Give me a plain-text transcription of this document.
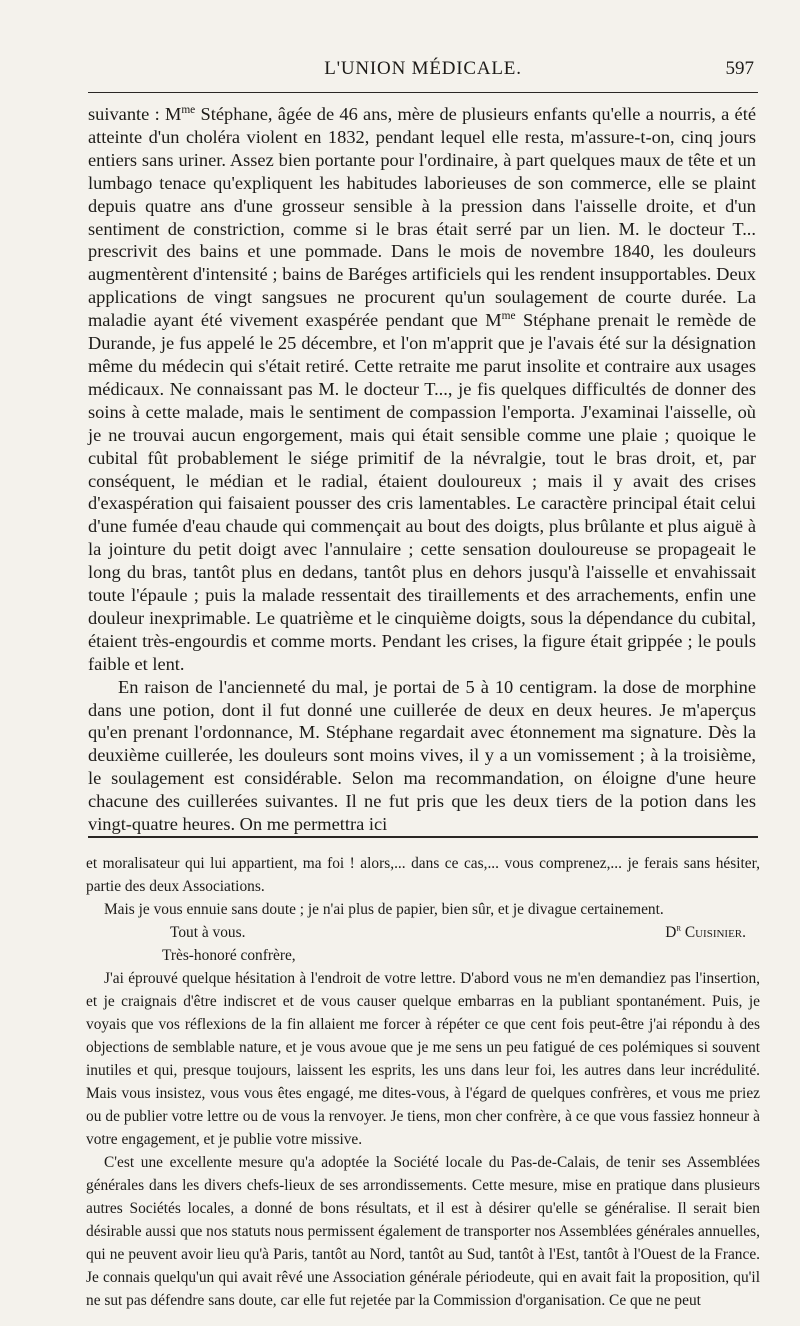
L'UNION MÉDICALE.	597

suivante : $M^{me}$ Stéphane, âgée de 46 ans, mère de plusieurs enfants qu'elle a nourris, a été atteinte d'un choléra violent en 1832, pendant lequel elle resta, m'assure-t-on, cinq jours entiers sans uriner. Assez bien portante pour l'ordinaire, à part quelques maux de tête et un lumbago tenace qu'expliquent les habitudes laborieuses de son commerce, elle se plaint depuis quatre ans d'une grosseur sensible à la pression dans l'aisselle droite, et d'un sentiment de constriction, comme si le bras était serré par un lien. M. le docteur T... prescrivit des bains et une pommade. Dans le mois de novembre 1840, les douleurs augmentèrent d'intensité ; bains de Baréges artificiels qui les rendent insupportables. Deux applications de vingt sangsues ne procurent qu'un soulagement de courte durée. La maladie ayant été vivement exaspérée pendant que $M^{me}$ Stéphane prenait le remède de Durande, je fus appelé le 25 décembre, et l'on m'apprit que je l'avais été sur la désignation même du médecin qui s'était retiré. Cette retraite me parut insolite et contraire aux usages médicaux. Ne connaissant pas M. le docteur T..., je fis quelques difficultés de donner des soins à cette malade, mais le sentiment de compassion l'emporta. J'examinai l'aisselle, où je ne trouvai aucun engorgement, mais qui était sensible comme une plaie ; quoique le cubital fût probablement le siége primitif de la névralgie, tout le bras droit, et, par conséquent, le médian et le radial, étaient douloureux ; mais il y avait des crises d'exaspération qui faisaient pousser des cris lamentables. Le caractère principal était celui d'une fumée d'eau chaude qui commençait au bout des doigts, plus brûlante et plus aiguë à la jointure du petit doigt avec l'annulaire ; cette sensation douloureuse se propageait le long du bras, tantôt plus en dedans, tantôt plus en dehors jusqu'à l'aisselle et envahissait toute l'épaule ; puis la malade ressentait des tiraillements et des arrachements, enfin une douleur inexprimable. Le quatrième et le cinquième doigts, sous la dépendance du cubital, étaient très-engourdis et comme morts. Pendant les crises, la figure était grippée ; le pouls faible et lent.

En raison de l'ancienneté du mal, je portai de 5 à 10 centigram. la dose de morphine dans une potion, dont il fut donné une cuillerée de deux en deux heures. Je m'aperçus qu'en prenant l'ordonnance, M. Stéphane regardait avec étonnement ma signature. Dès la deuxième cuillerée, les douleurs sont moins vives, il y a un vomissement ; à la troisième, le soulagement est considérable. Selon ma recommandation, on éloigne d'une heure chacune des cuillerées suivantes. Il ne fut pris que les deux tiers de la potion dans les vingt-quatre heures. On me permettra ici

et moralisateur qui lui appartient, ma foi ! alors,... dans ce cas,... vous comprenez,... je ferais sans hésiter, partie des deux Associations.

Mais je vous ennuie sans doute ; je n'ai plus de papier, bien sûr, et je divague certainement.

Tout à vous.	$D^r$ Cuisinier.

Très-honoré confrère,

J'ai éprouvé quelque hésitation à l'endroit de votre lettre. D'abord vous ne m'en demandiez pas l'insertion, et je craignais d'être indiscret et de vous causer quelque embarras en la publiant spontanément. Puis, je voyais que vos réflexions de la fin allaient me forcer à répéter ce que cent fois peut-être j'ai répondu à des objections de semblable nature, et je vous avoue que je me sens un peu fatigué de ces polémiques si souvent inutiles et qui, presque toujours, laissent les esprits, les uns dans leur foi, les autres dans leur incrédulité. Mais vous insistez, vous vous êtes engagé, me dites-vous, à l'égard de quelques confrères, et vous me priez ou de publier votre lettre ou de vous la renvoyer. Je tiens, mon cher confrère, à ce que vous fassiez honneur à votre engagement, et je publie votre missive.

C'est une excellente mesure qu'a adoptée la Société locale du Pas-de-Calais, de tenir ses Assemblées générales dans les divers chefs-lieux de ses arrondissements. Cette mesure, mise en pratique dans plusieurs autres Sociétés locales, a donné de bons résultats, et il est à désirer qu'elle se généralise. Il serait bien désirable aussi que nos statuts nous permissent également de transporter nos Assemblées générales annuelles, qui ne peuvent avoir lieu qu'à Paris, tantôt au Nord, tantôt au Sud, tantôt à l'Est, tantôt à l'Ouest de la France. Je connais quelqu'un qui avait rêvé une Association générale périodeute, qui en avait fait la proposition, qu'il ne sut pas défendre sans doute, car elle fut rejetée par la Commission d'organisation. Ce que ne peut
